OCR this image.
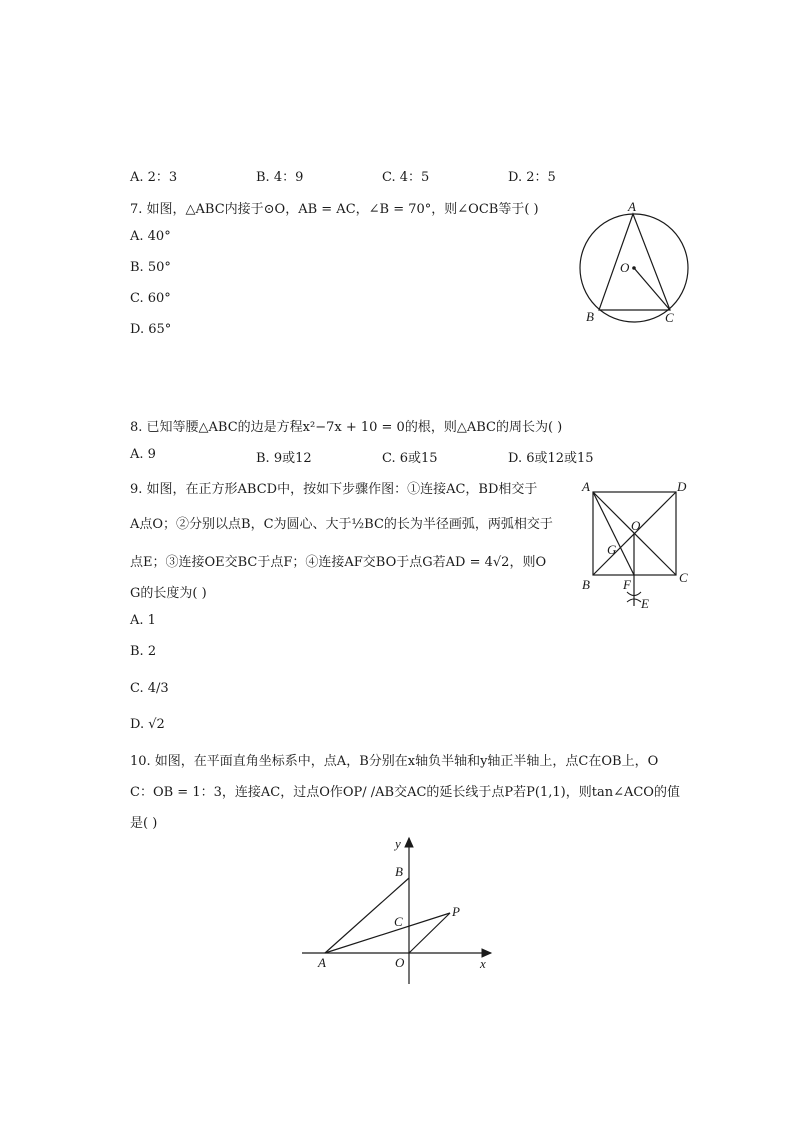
A. 2：3	B. 4：9	C. 4：5	D. 2：5
7. 如图，△ABC内接于⊙O，AB = AC，∠B = 70°，则∠OCB等于( )
A. 40°
B. 50°
C. 60°
D. 65°
A
O
B	C
8. 已知等腰△ABC的边是方程x²−7x + 10 = 0的根，则△ABC的周长为( )
A. 9	B. 9或12	C. 6或15	D. 6或12或15
9. 如图，在正方形ABCD中，按如下步骤作图：①连接AC，BD相交于
A点O；②分别以点B，C为圆心、大于½BC的长为半径画弧，两弧相交于
点E；③连接OE交BC于点F；④连接AF交BO于点G若AD = 4√2，则O
G的长度为( )
A. 1
B. 2
C. 4/3
D. √2
A	D
O
G
B	F	C
E
10. 如图，在平面直角坐标系中，点A，B分别在x轴负半轴和y轴正半轴上，点C在OB上，O
C：OB = 1：3，连接AC，过点O作OP/ /AB交AC的延长线于点P若P(1,1)，则tan∠ACO的值
是( )
y
B
C
P
A	O	x
